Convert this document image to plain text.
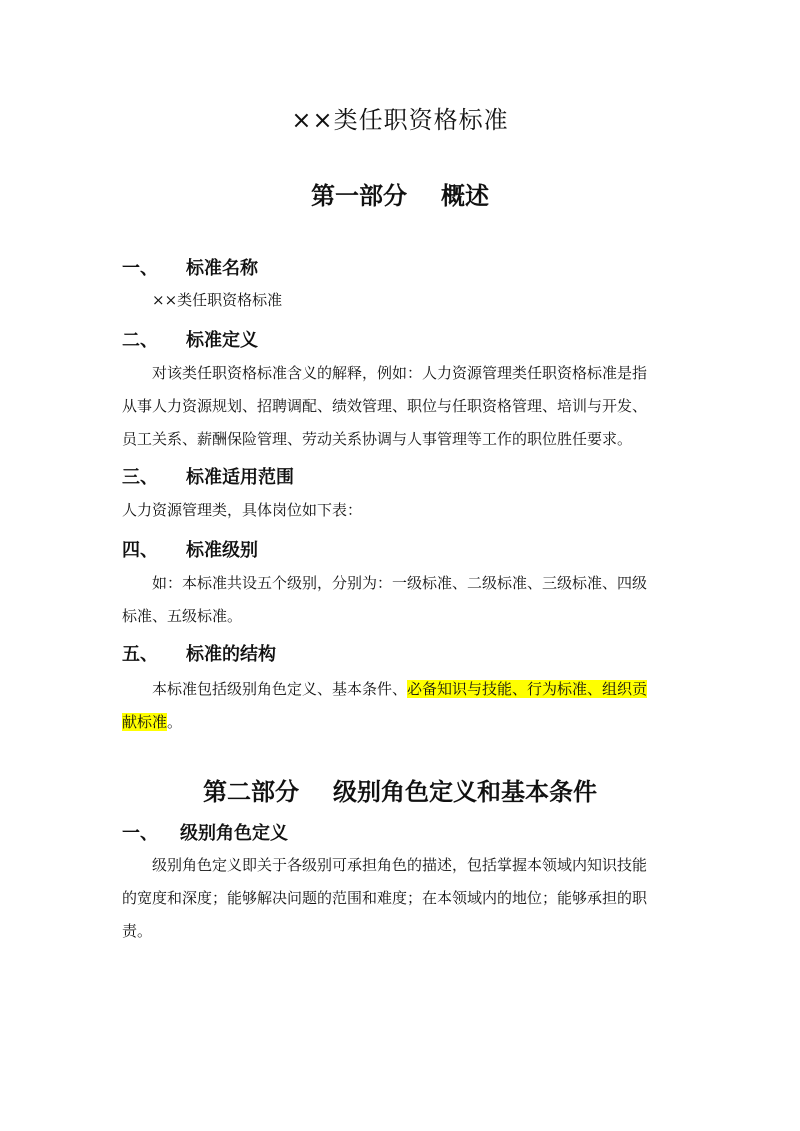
××类任职资格标准
第一部分 概述
一、 标准名称
××类任职资格标准
二、 标准定义
对该类任职资格标准含义的解释，例如：人力资源管理类任职资格标准是指
从事人力资源规划、招聘调配、绩效管理、职位与任职资格管理、培训与开发、
员工关系、薪酬保险管理、劳动关系协调与人事管理等工作的职位胜任要求。
三、 标准适用范围
人力资源管理类，具体岗位如下表：
四、 标准级别
如：本标准共设五个级别，分别为：一级标准、二级标准、三级标准、四级
标准、五级标准。
五、 标准的结构
本标准包括级别角色定义、基本条件、必备知识与技能、行为标准、组织贡
献标准。
第二部分 级别角色定义和基本条件
一、 级别角色定义
级别角色定义即关于各级别可承担角色的描述，包括掌握本领域内知识技能
的宽度和深度；能够解决问题的范围和难度；在本领域内的地位；能够承担的职
责。
